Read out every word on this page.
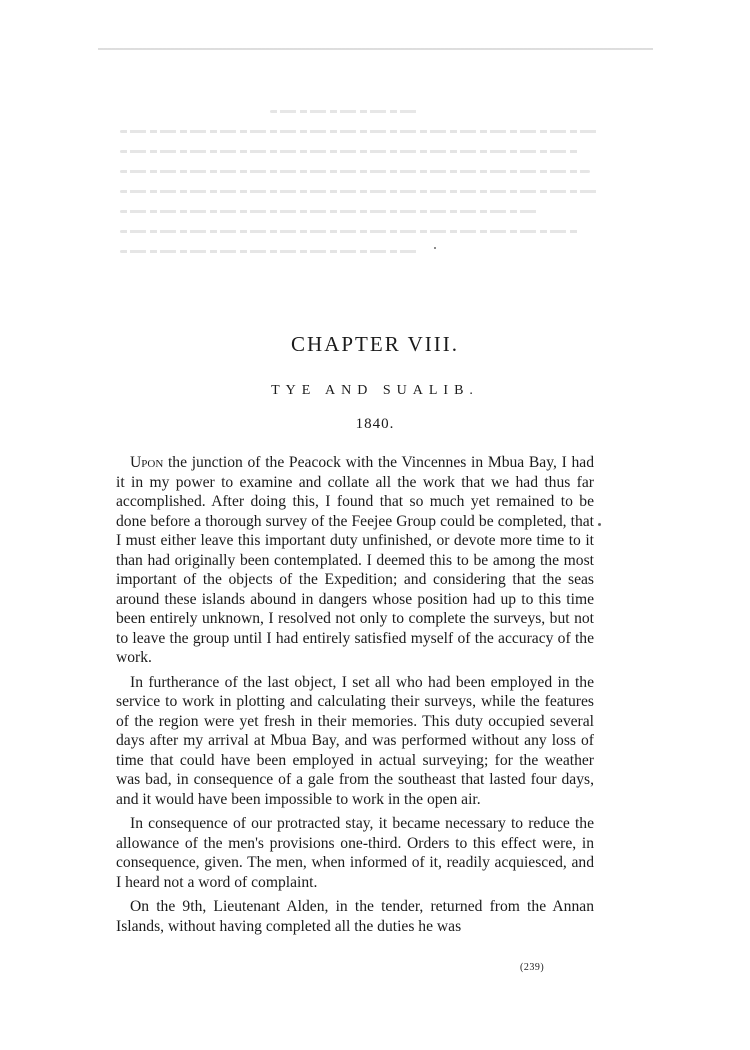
CHAPTER VIII.
TYE AND SUALIB.
1840.

Upon the junction of the Peacock with the Vincennes in Mbua Bay, I had it in my power to examine and collate all the work that we had thus far accomplished. After doing this, I found that so much yet remained to be done before a thorough survey of the Feejee Group could be completed, that I must either leave this important duty unfinished, or devote more time to it than had originally been contemplated. I deemed this to be among the most important of the objects of the Expedition; and considering that the seas around these islands abound in dangers whose position had up to this time been entirely unknown, I resolved not only to complete the surveys, but not to leave the group until I had entirely satisfied myself of the accuracy of the work.

In furtherance of the last object, I set all who had been employed in the service to work in plotting and calculating their surveys, while the features of the region were yet fresh in their memories. This duty occupied several days after my arrival at Mbua Bay, and was performed without any loss of time that could have been employed in actual surveying; for the weather was bad, in consequence of a gale from the southeast that lasted four days, and it would have been impossible to work in the open air.

In consequence of our protracted stay, it became necessary to reduce the allowance of the men's provisions one-third. Orders to this effect were, in consequence, given. The men, when informed of it, readily acquiesced, and I heard not a word of complaint.

On the 9th, Lieutenant Alden, in the tender, returned from the Annan Islands, without having completed all the duties he was

(239)
